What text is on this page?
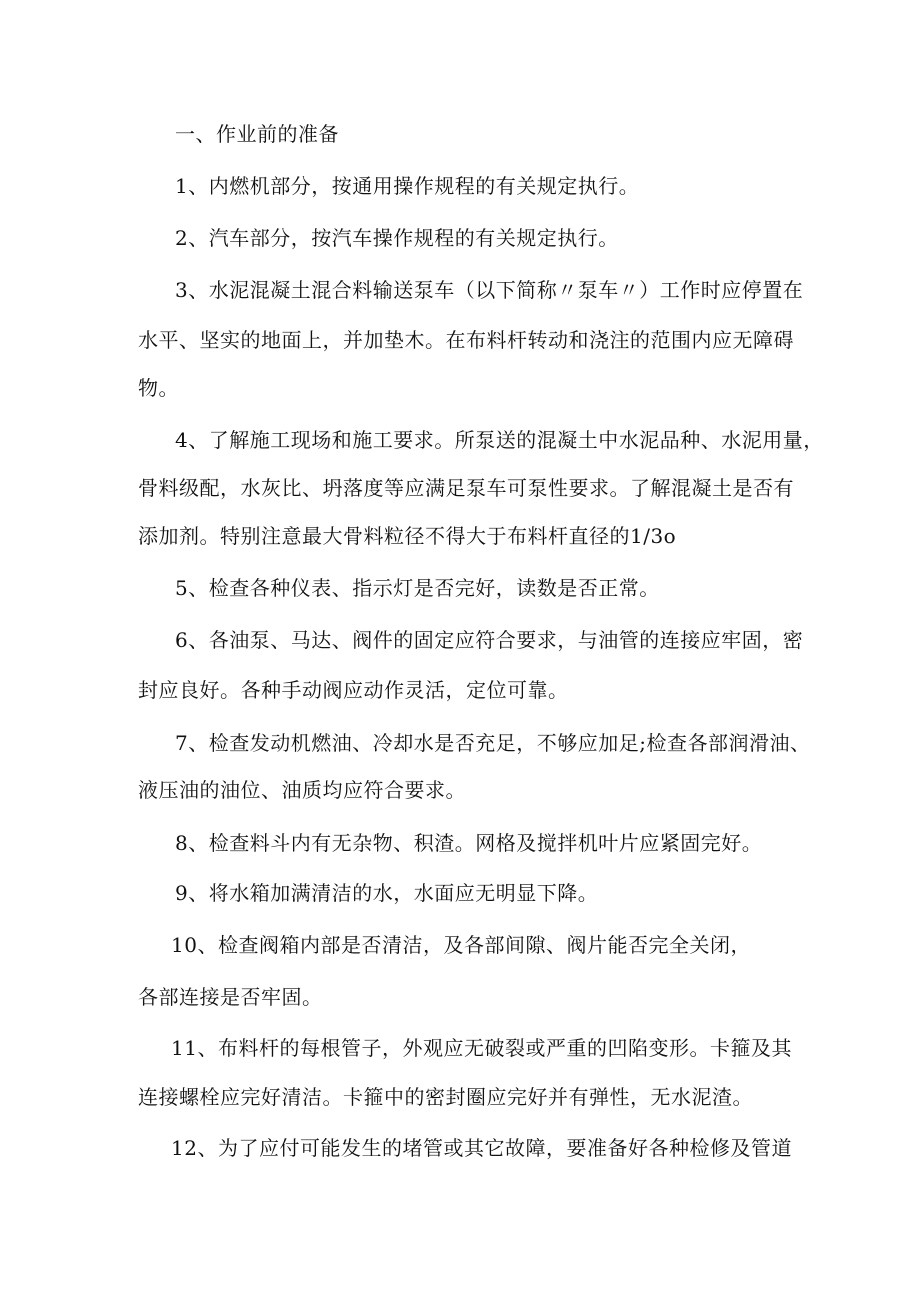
一、作业前的准备
1、内燃机部分，按通用操作规程的有关规定执行。
2、汽车部分，按汽车操作规程的有关规定执行。
3、水泥混凝土混合料输送泵车（以下简称〃泵车〃）工作时应停置在
水平、坚实的地面上，并加垫木。在布料杆转动和浇注的范围内应无障碍
物。
4、了解施工现场和施工要求。所泵送的混凝土中水泥品种、水泥用量，
骨料级配，水灰比、坍落度等应满足泵车可泵性要求。了解混凝土是否有
添加剂。特别注意最大骨料粒径不得大于布料杆直径的1/3o
5、检查各种仪表、指示灯是否完好，读数是否正常。
6、各油泵、马达、阀件的固定应符合要求，与油管的连接应牢固，密
封应良好。各种手动阀应动作灵活，定位可靠。
7、检查发动机燃油、冷却水是否充足，不够应加足;检查各部润滑油、
液压油的油位、油质均应符合要求。
8、检查料斗内有无杂物、积渣。网格及搅拌机叶片应紧固完好。
9、将水箱加满清洁的水，水面应无明显下降。
10、检查阀箱内部是否清洁，及各部间隙、阀片能否完全关闭，
各部连接是否牢固。
11、布料杆的每根管子，外观应无破裂或严重的凹陷变形。卡箍及其
连接螺栓应完好清洁。卡箍中的密封圈应完好并有弹性，无水泥渣。
12、为了应付可能发生的堵管或其它故障，要准备好各种检修及管道
